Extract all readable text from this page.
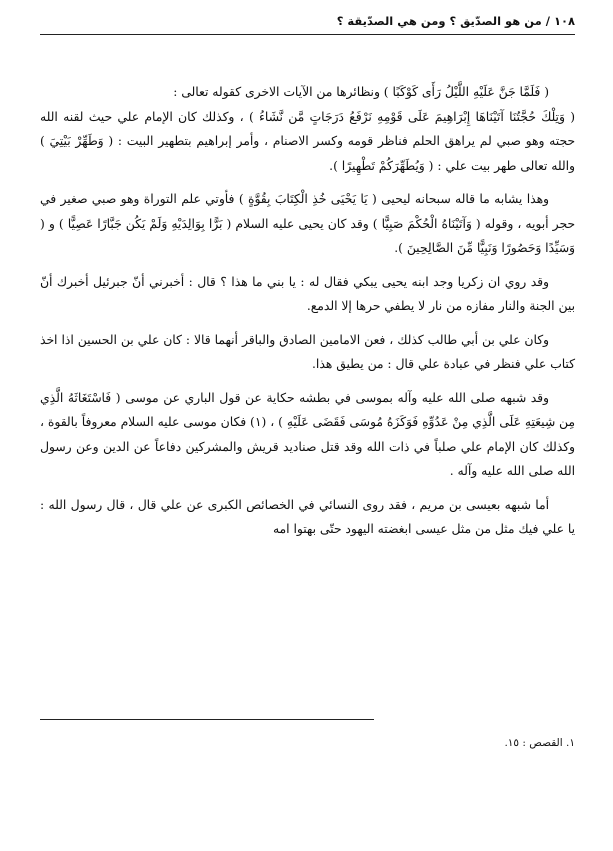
١٠٨ / من هو الصدّيق ؟ ومن هي الصدّيقة ؟

( فَلَمَّا جَنَّ عَلَيْهِ اللَّيْلُ رَأَى كَوْكَبًا ) ونظائرها من الآيات الاخرى كقوله تعالى :

( وَتِلْكَ حُجَّتُنَا آتَيْنَاهَا إِبْرَاهِيمَ عَلَى قَوْمِهِ نَرْفَعُ دَرَجَاتٍ مَّن نَّشَاءُ ) ، وكذلك كان الإمام علي حيث لقنه الله حجته وهو صبي لم يراهق الحلم فناظر قومه وكسر الاصنام ، وأمر إبراهيم بتطهير البيت : ( وَطَهِّرْ بَيْتِيَ ) والله تعالى طهر بيت علي : ( وَيُطَهِّرَكُمْ تَطْهِيرًا ).

وهذا يشابه ما قاله سبحانه ليحيى ( يَا يَحْيَى خُذِ الْكِتَابَ بِقُوَّةٍ ) فأوتي علم التوراة وهو صبي صغير في حجر أبويه ، وقوله ( وَآتَيْنَاهُ الْحُكْمَ صَبِيًّا ) وقد كان يحيى عليه السلام ( بَرًّا بِوَالِدَيْهِ وَلَمْ يَكُن جَبَّارًا عَصِيًّا ) و ( وَسَيِّدًا وَحَصُورًا وَنَبِيًّا مِّنَ الصَّالِحِينَ ).

وقد روي ان زكريا وجد ابنه يحيى يبكي فقال له : يا بني ما هذا ؟ قال : أخبرني أنّ جبرئيل أخبرك أنّ بين الجنة والنار مفازه من نار لا يطفي حرها إلا الدمع.

وكان علي بن أبي طالب كذلك ، فعن الامامين الصادق والباقر أنهما قالا : كان علي بن الحسين اذا اخذ كتاب علي فنظر في عبادة علي قال : من يطيق هذا.

وقد شبهه صلى الله عليه وآله بموسى في بطشه حكاية عن قول الباري عن موسى ( فَاسْتَغَاثَهُ الَّذِي مِن شِيعَتِهِ عَلَى الَّذِي مِنْ عَدُوِّهِ فَوَكَزَهُ مُوسَى فَقَضَى عَلَيْهِ ) ، (١) فكان موسى عليه السلام معروفاً بالقوة ، وكذلك كان الإمام علي صلباً في ذات الله وقد قتل صناديد قريش والمشركين دفاعاً عن الدين وعن رسول الله صلى الله عليه وآله .

أما شبهه بعيسى بن مريم ، فقد روى النسائي في الخصائص الكبرى عن علي قال ، قال رسول الله : يا علي فيك مثل من مثل عيسى ابغضته اليهود حتّى بهتوا امه

١. القصص : ١٥.
